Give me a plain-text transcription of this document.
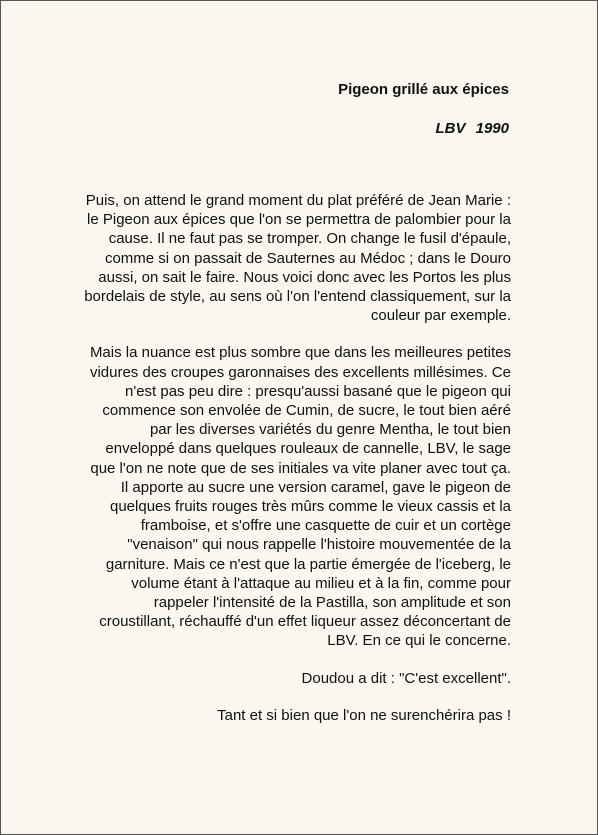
Pigeon grillé aux épices
LBV 1990

Puis, on attend le grand moment du plat préféré de Jean Marie : le Pigeon aux épices que l'on se permettra de palombier pour la cause. Il ne faut pas se tromper. On change le fusil d'épaule, comme si on passait de Sauternes au Médoc ; dans le Douro aussi, on sait le faire. Nous voici donc avec les Portos les plus bordelais de style, au sens où l'on l'entend classiquement, sur la couleur par exemple.

Mais la nuance est plus sombre que dans les meilleures petites vidures des croupes garonnaises des excellents millésimes. Ce n'est pas peu dire : presqu'aussi basané que le pigeon qui commence son envolée de Cumin, de sucre, le tout bien aéré par les diverses variétés du genre Mentha, le tout bien enveloppé dans quelques rouleaux de cannelle, LBV, le sage que l'on ne note que de ses initiales va vite planer avec tout ça. Il apporte au sucre une version caramel, gave le pigeon de quelques fruits rouges très mûrs comme le vieux cassis et la framboise, et s'offre une casquette de cuir et un cortège "venaison" qui nous rappelle l'histoire mouvementée de la garniture. Mais ce n'est que la partie émergée de l'iceberg, le volume étant à l'attaque au milieu et à la fin, comme pour rappeler l'intensité de la Pastilla, son amplitude et son croustillant, réchauffé d'un effet liqueur assez déconcertant de LBV. En ce qui le concerne.

Doudou a dit : "C'est excellent".

Tant et si bien que l'on ne surenchérira pas !
